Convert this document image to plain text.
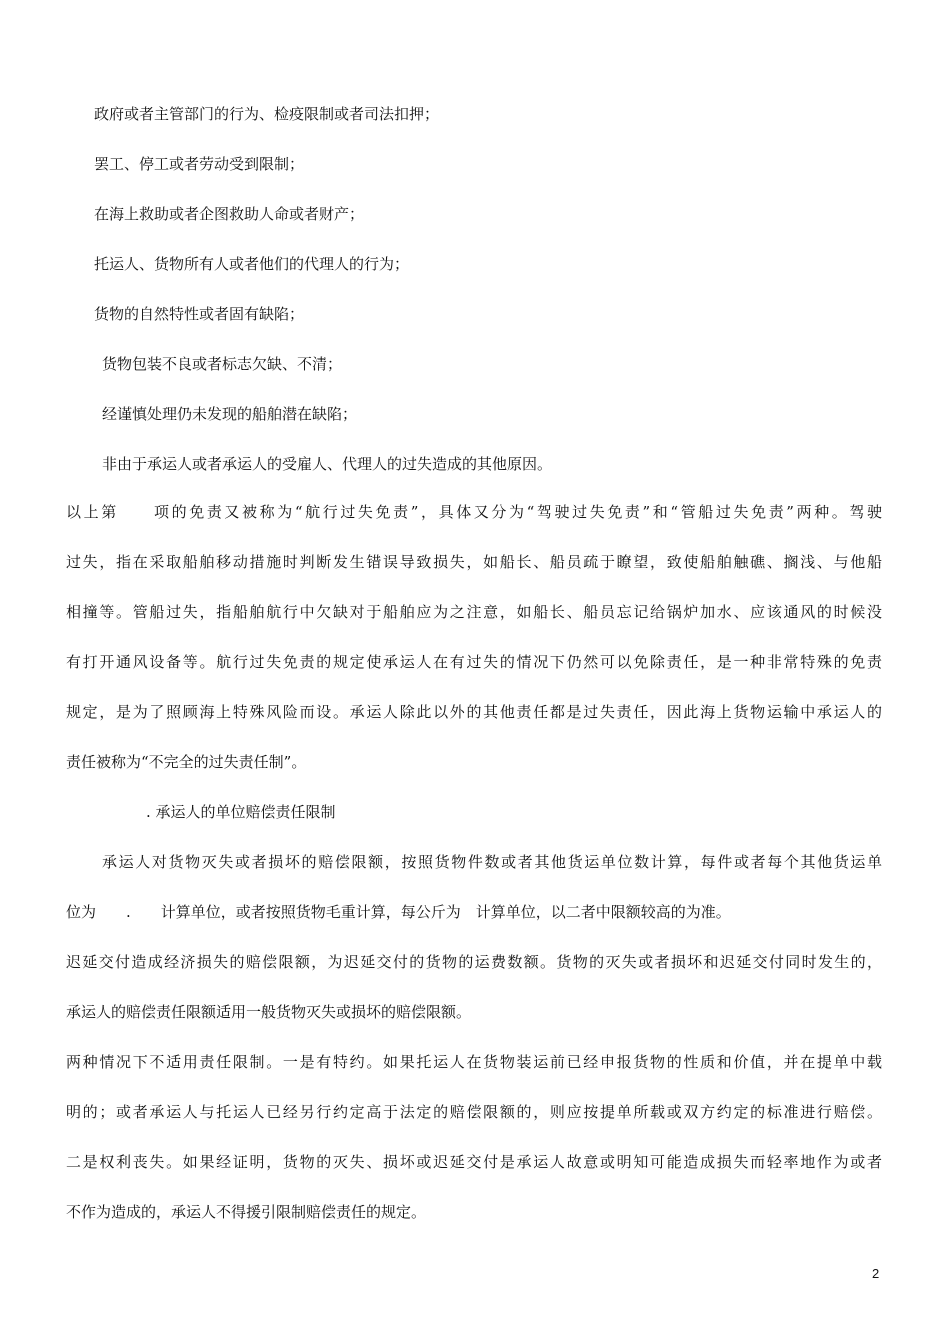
政府或者主管部门的行为、检疫限制或者司法扣押；
罢工、停工或者劳动受到限制；
在海上救助或者企图救助人命或者财产；
托运人、货物所有人或者他们的代理人的行为；
货物的自然特性或者固有缺陷；
货物包装不良或者标志欠缺、不清；
经谨慎处理仍未发现的船舶潜在缺陷；
非由于承运人或者承运人的受雇人、代理人的过失造成的其他原因。
以上第　　项的免责又被称为“航行过失免责”，具体又分为“驾驶过失免责”和“管船过失免责”两种。驾驶
过失，指在采取船舶移动措施时判断发生错误导致损失，如船长、船员疏于瞭望，致使船舶触礁、搁浅、与他船
相撞等。管船过失，指船舶航行中欠缺对于船舶应为之注意，如船长、船员忘记给锅炉加水、应该通风的时候没
有打开通风设备等。航行过失免责的规定使承运人在有过失的情况下仍然可以免除责任，是一种非常特殊的免责
规定，是为了照顾海上特殊风险而设。承运人除此以外的其他责任都是过失责任，因此海上货物运输中承运人的
责任被称为“不完全的过失责任制”。
. 承运人的单位赔偿责任限制
承运人对货物灭失或者损坏的赔偿限额，按照货物件数或者其他货运单位数计算，每件或者每个其他货运单
位为　　.　　计算单位，或者按照货物毛重计算，每公斤为　计算单位，以二者中限额较高的为准。
迟延交付造成经济损失的赔偿限额，为迟延交付的货物的运费数额。货物的灭失或者损坏和迟延交付同时发生的，
承运人的赔偿责任限额适用一般货物灭失或损坏的赔偿限额。
两种情况下不适用责任限制。一是有特约。如果托运人在货物装运前已经申报货物的性质和价值，并在提单中载
明的；或者承运人与托运人已经另行约定高于法定的赔偿限额的，则应按提单所载或双方约定的标准进行赔偿。
二是权利丧失。如果经证明，货物的灭失、损坏或迟延交付是承运人故意或明知可能造成损失而轻率地作为或者
不作为造成的，承运人不得援引限制赔偿责任的规定。
2
